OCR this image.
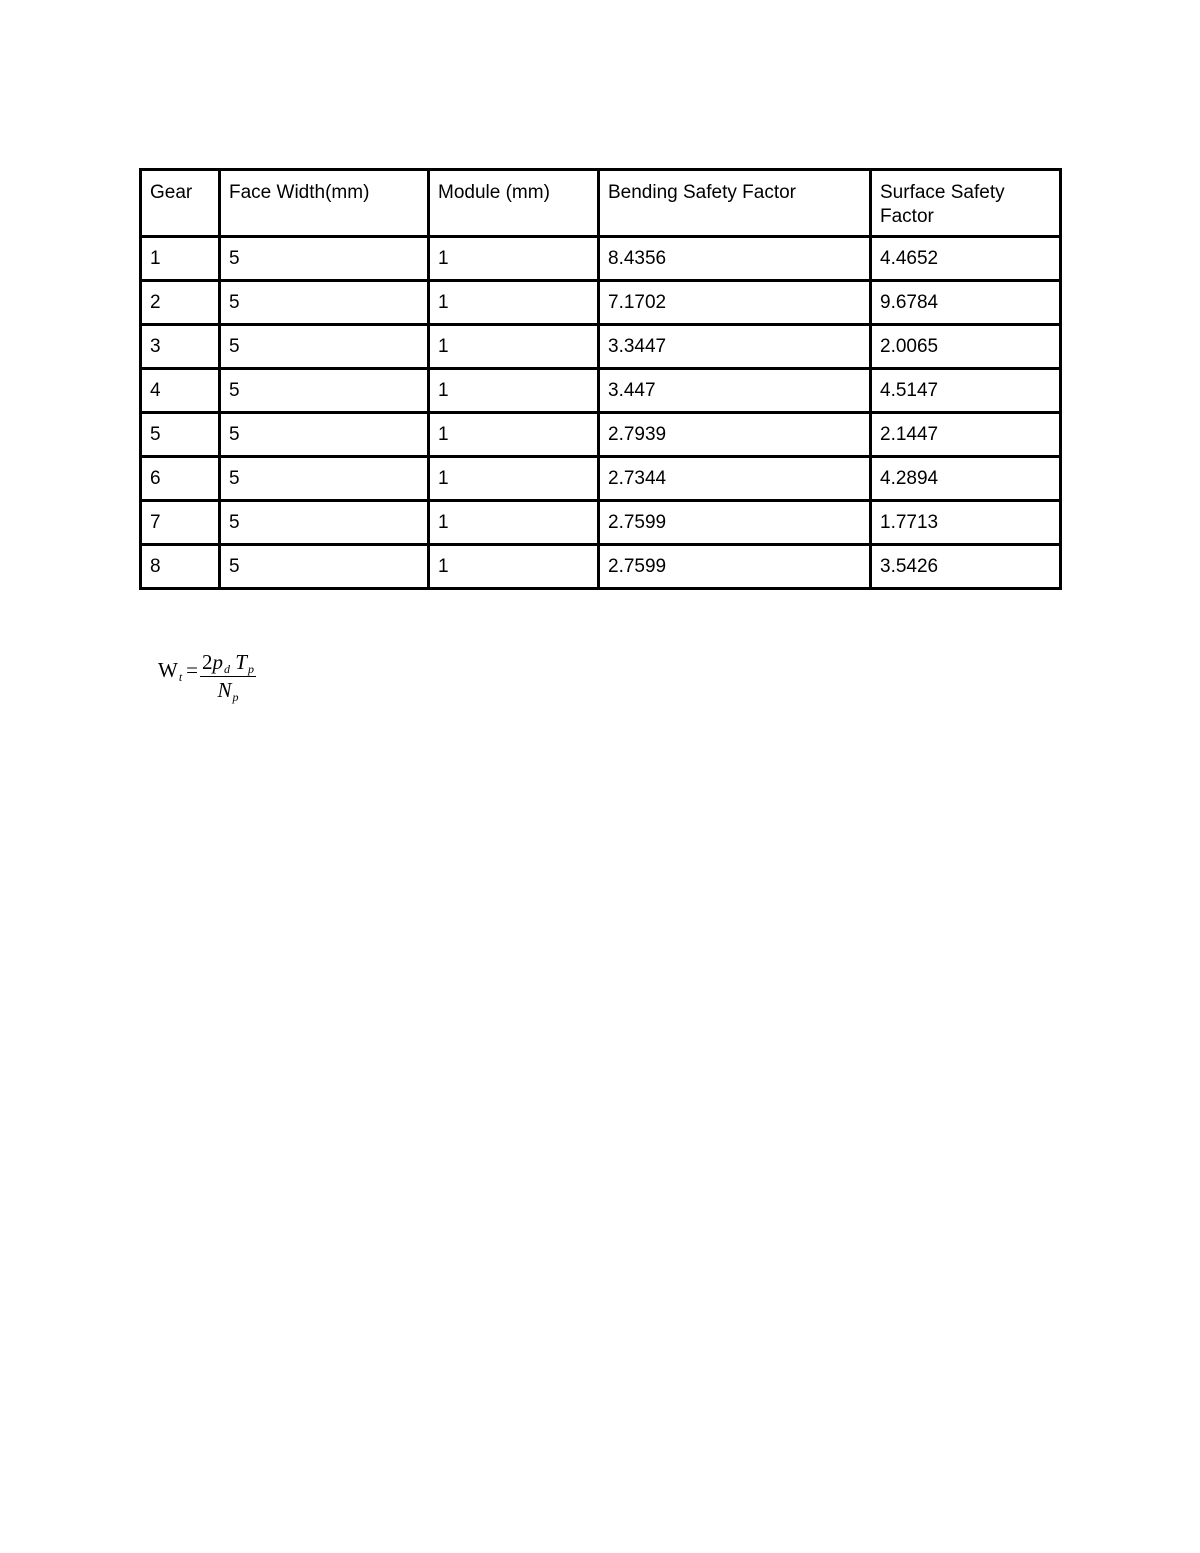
Gear	Face Width(mm)	Module (mm)	Bending Safety Factor	Surface Safety Factor
1	5	1	8.4356	4.4652
2	5	1	7.1702	9.6784
3	5	1	3.3447	2.0065
4	5	1	3.447	4.5147
5	5	1	2.7939	2.1447
6	5	1	2.7344	4.2894
7	5	1	2.7599	1.7713
8	5	1	2.7599	3.5426
W $t = \frac{\text{2pd Tp}}{Np}$
